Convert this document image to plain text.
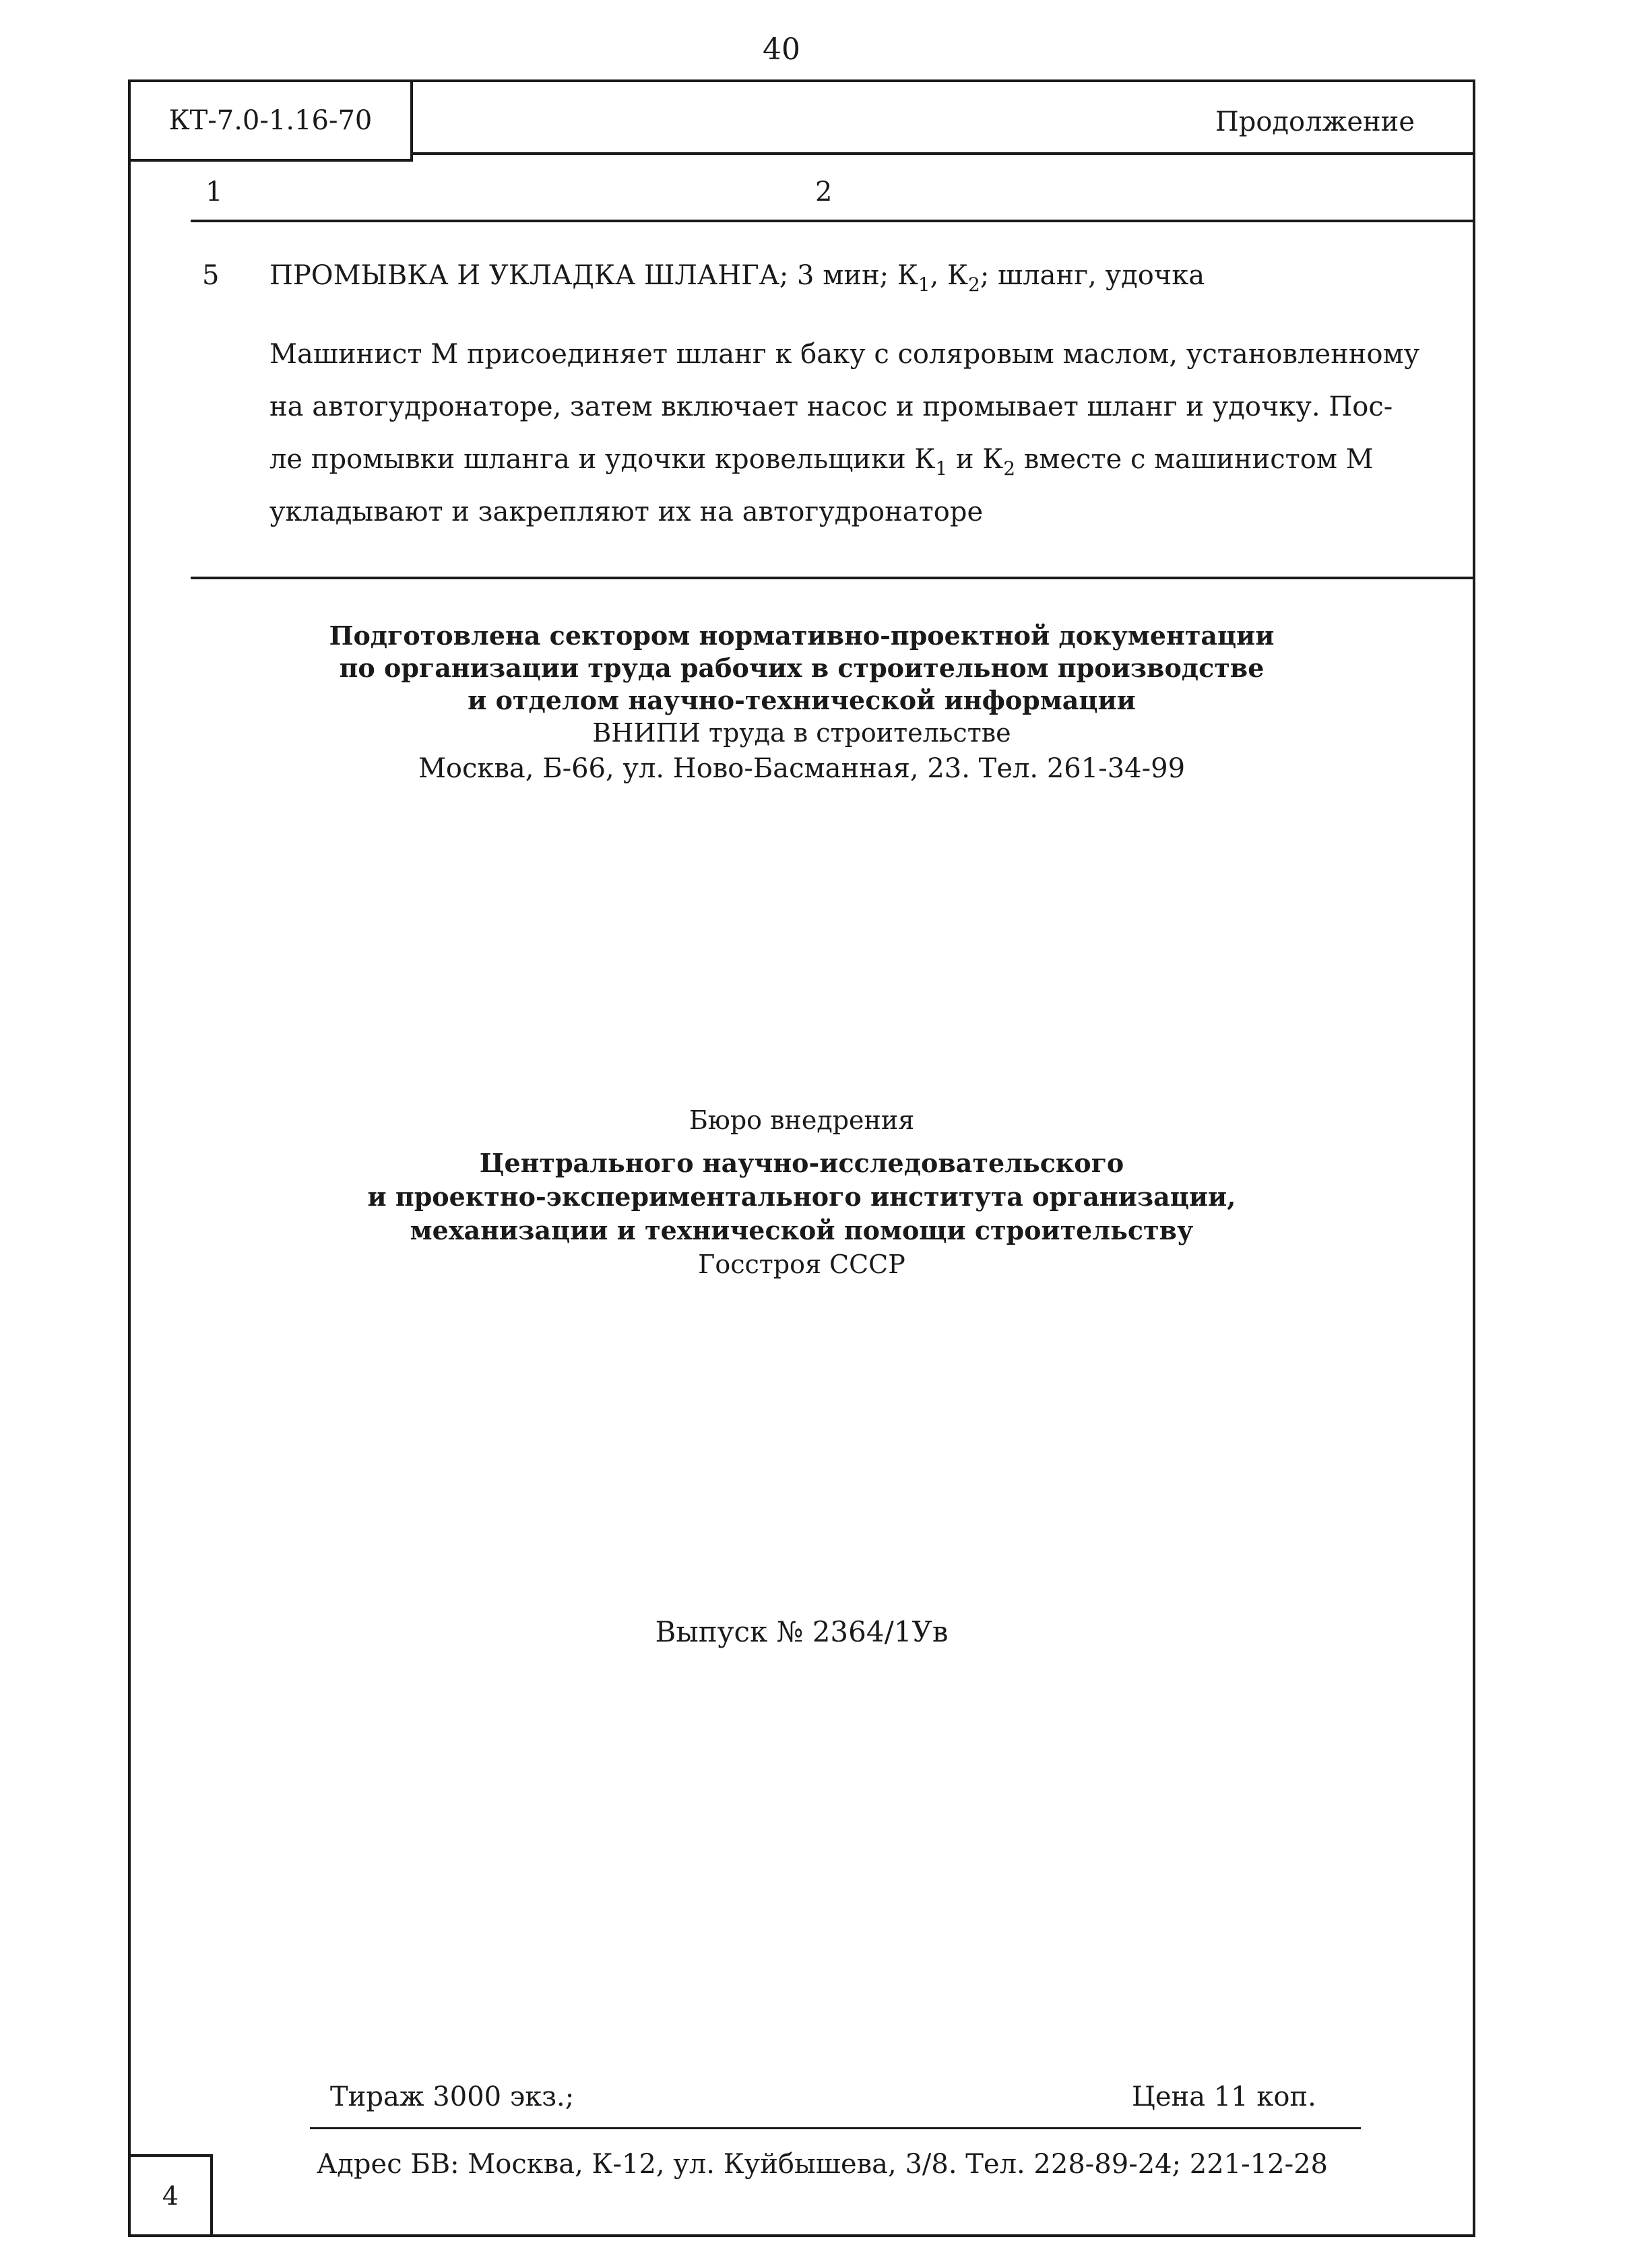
40
КТ-7.0-1.16-70	Продолжение
1	2
5 ПРОМЫВКА И УКЛАДКА ШЛАНГА; 3 мин; $К_1$, $К_2$; шланг, удочка
Машинист М присоединяет шланг к баку с соляровым маслом, установленному
на автогудронаторе, затем включает насос и промывает шланг и удочку. Пос-
ле промывки шланга и удочки кровельщики $К_1$ и $К_2$ вместе с машинистом М
укладывают и закрепляют их на автогудронаторе
Подготовлена сектором нормативно-проектной документации
по организации труда рабочих в строительном производстве
и отделом научно-технической информации
ВНИПИ труда в строительстве
Москва, Б-66, ул. Ново-Басманная, 23. Тел. 261-34-99
Бюро внедрения
Центрального научно-исследовательского
и проектно-экспериментального института организации,
механизации и технической помощи строительству
Госстроя СССР
Выпуск № 2364/1Ув
Тираж 3000 экз.;	Цена 11 коп.
Адрес БВ: Москва, К-12, ул. Куйбышева, 3/8. Тел. 228-89-24; 221-12-28
4
